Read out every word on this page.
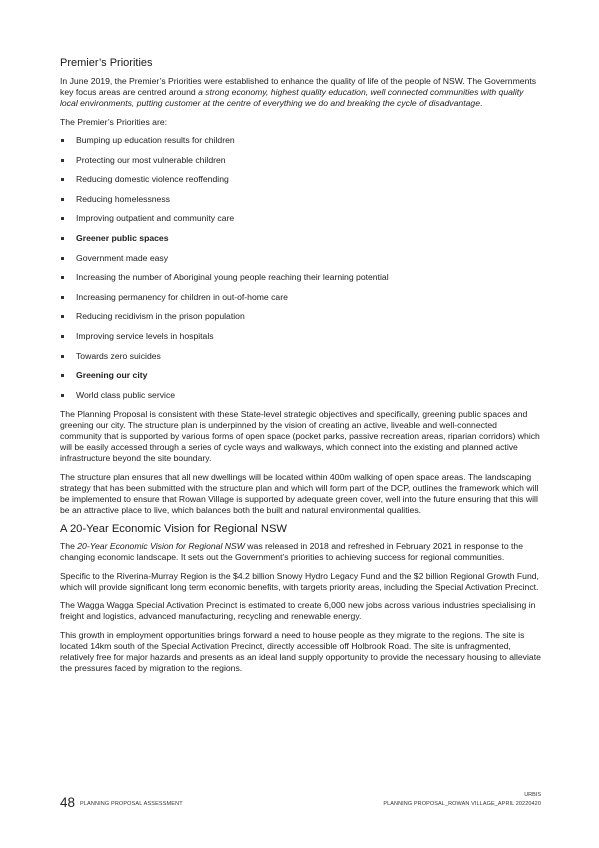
Premier’s Priorities

In June 2019, the Premier’s Priorities were established to enhance the quality of life of the people of NSW. The Governments key focus areas are centred around a strong economy, highest quality education, well connected communities with quality local environments, putting customer at the centre of everything we do and breaking the cycle of disadvantage.

The Premier’s Priorities are:

Bumping up education results for children
Protecting our most vulnerable children
Reducing domestic violence reoffending
Reducing homelessness
Improving outpatient and community care
Greener public spaces
Government made easy
Increasing the number of Aboriginal young people reaching their learning potential
Increasing permanency for children in out-of-home care
Reducing recidivism in the prison population
Improving service levels in hospitals
Towards zero suicides
Greening our city
World class public service

The Planning Proposal is consistent with these State-level strategic objectives and specifically, greening public spaces and greening our city. The structure plan is underpinned by the vision of creating an active, liveable and well-connected community that is supported by various forms of open space (pocket parks, passive recreation areas, riparian corridors) which will be easily accessed through a series of cycle ways and walkways, which connect into the existing and planned active infrastructure beyond the site boundary.

The structure plan ensures that all new dwellings will be located within 400m walking of open space areas. The landscaping strategy that has been submitted with the structure plan and which will form part of the DCP, outlines the framework which will be implemented to ensure that Rowan Village is supported by adequate green cover, well into the future ensuring that this will be an attractive place to live, which balances both the built and natural environmental qualities.

A 20-Year Economic Vision for Regional NSW

The 20-Year Economic Vision for Regional NSW was released in 2018 and refreshed in February 2021 in response to the changing economic landscape. It sets out the Government’s priorities to achieving success for regional communities.

Specific to the Riverina-Murray Region is the $4.2 billion Snowy Hydro Legacy Fund and the $2 billion Regional Growth Fund, which will provide significant long term economic benefits, with targets priority areas, including the Special Activation Precinct.

The Wagga Wagga Special Activation Precinct is estimated to create 6,000 new jobs across various industries specialising in freight and logistics, advanced manufacturing, recycling and renewable energy.

This growth in employment opportunities brings forward a need to house people as they migrate to the regions. The site is located 14km south of the Special Activation Precinct, directly accessible off Holbrook Road. The site is unfragmented, relatively free for major hazards and presents as an ideal land supply opportunity to provide the necessary housing to alleviate the pressures faced by migration to the regions.

48 PLANNING PROPOSAL ASSESSMENT
URBIS
PLANNING PROPOSAL_ROWAN VILLAGE_APRIL 20220420
